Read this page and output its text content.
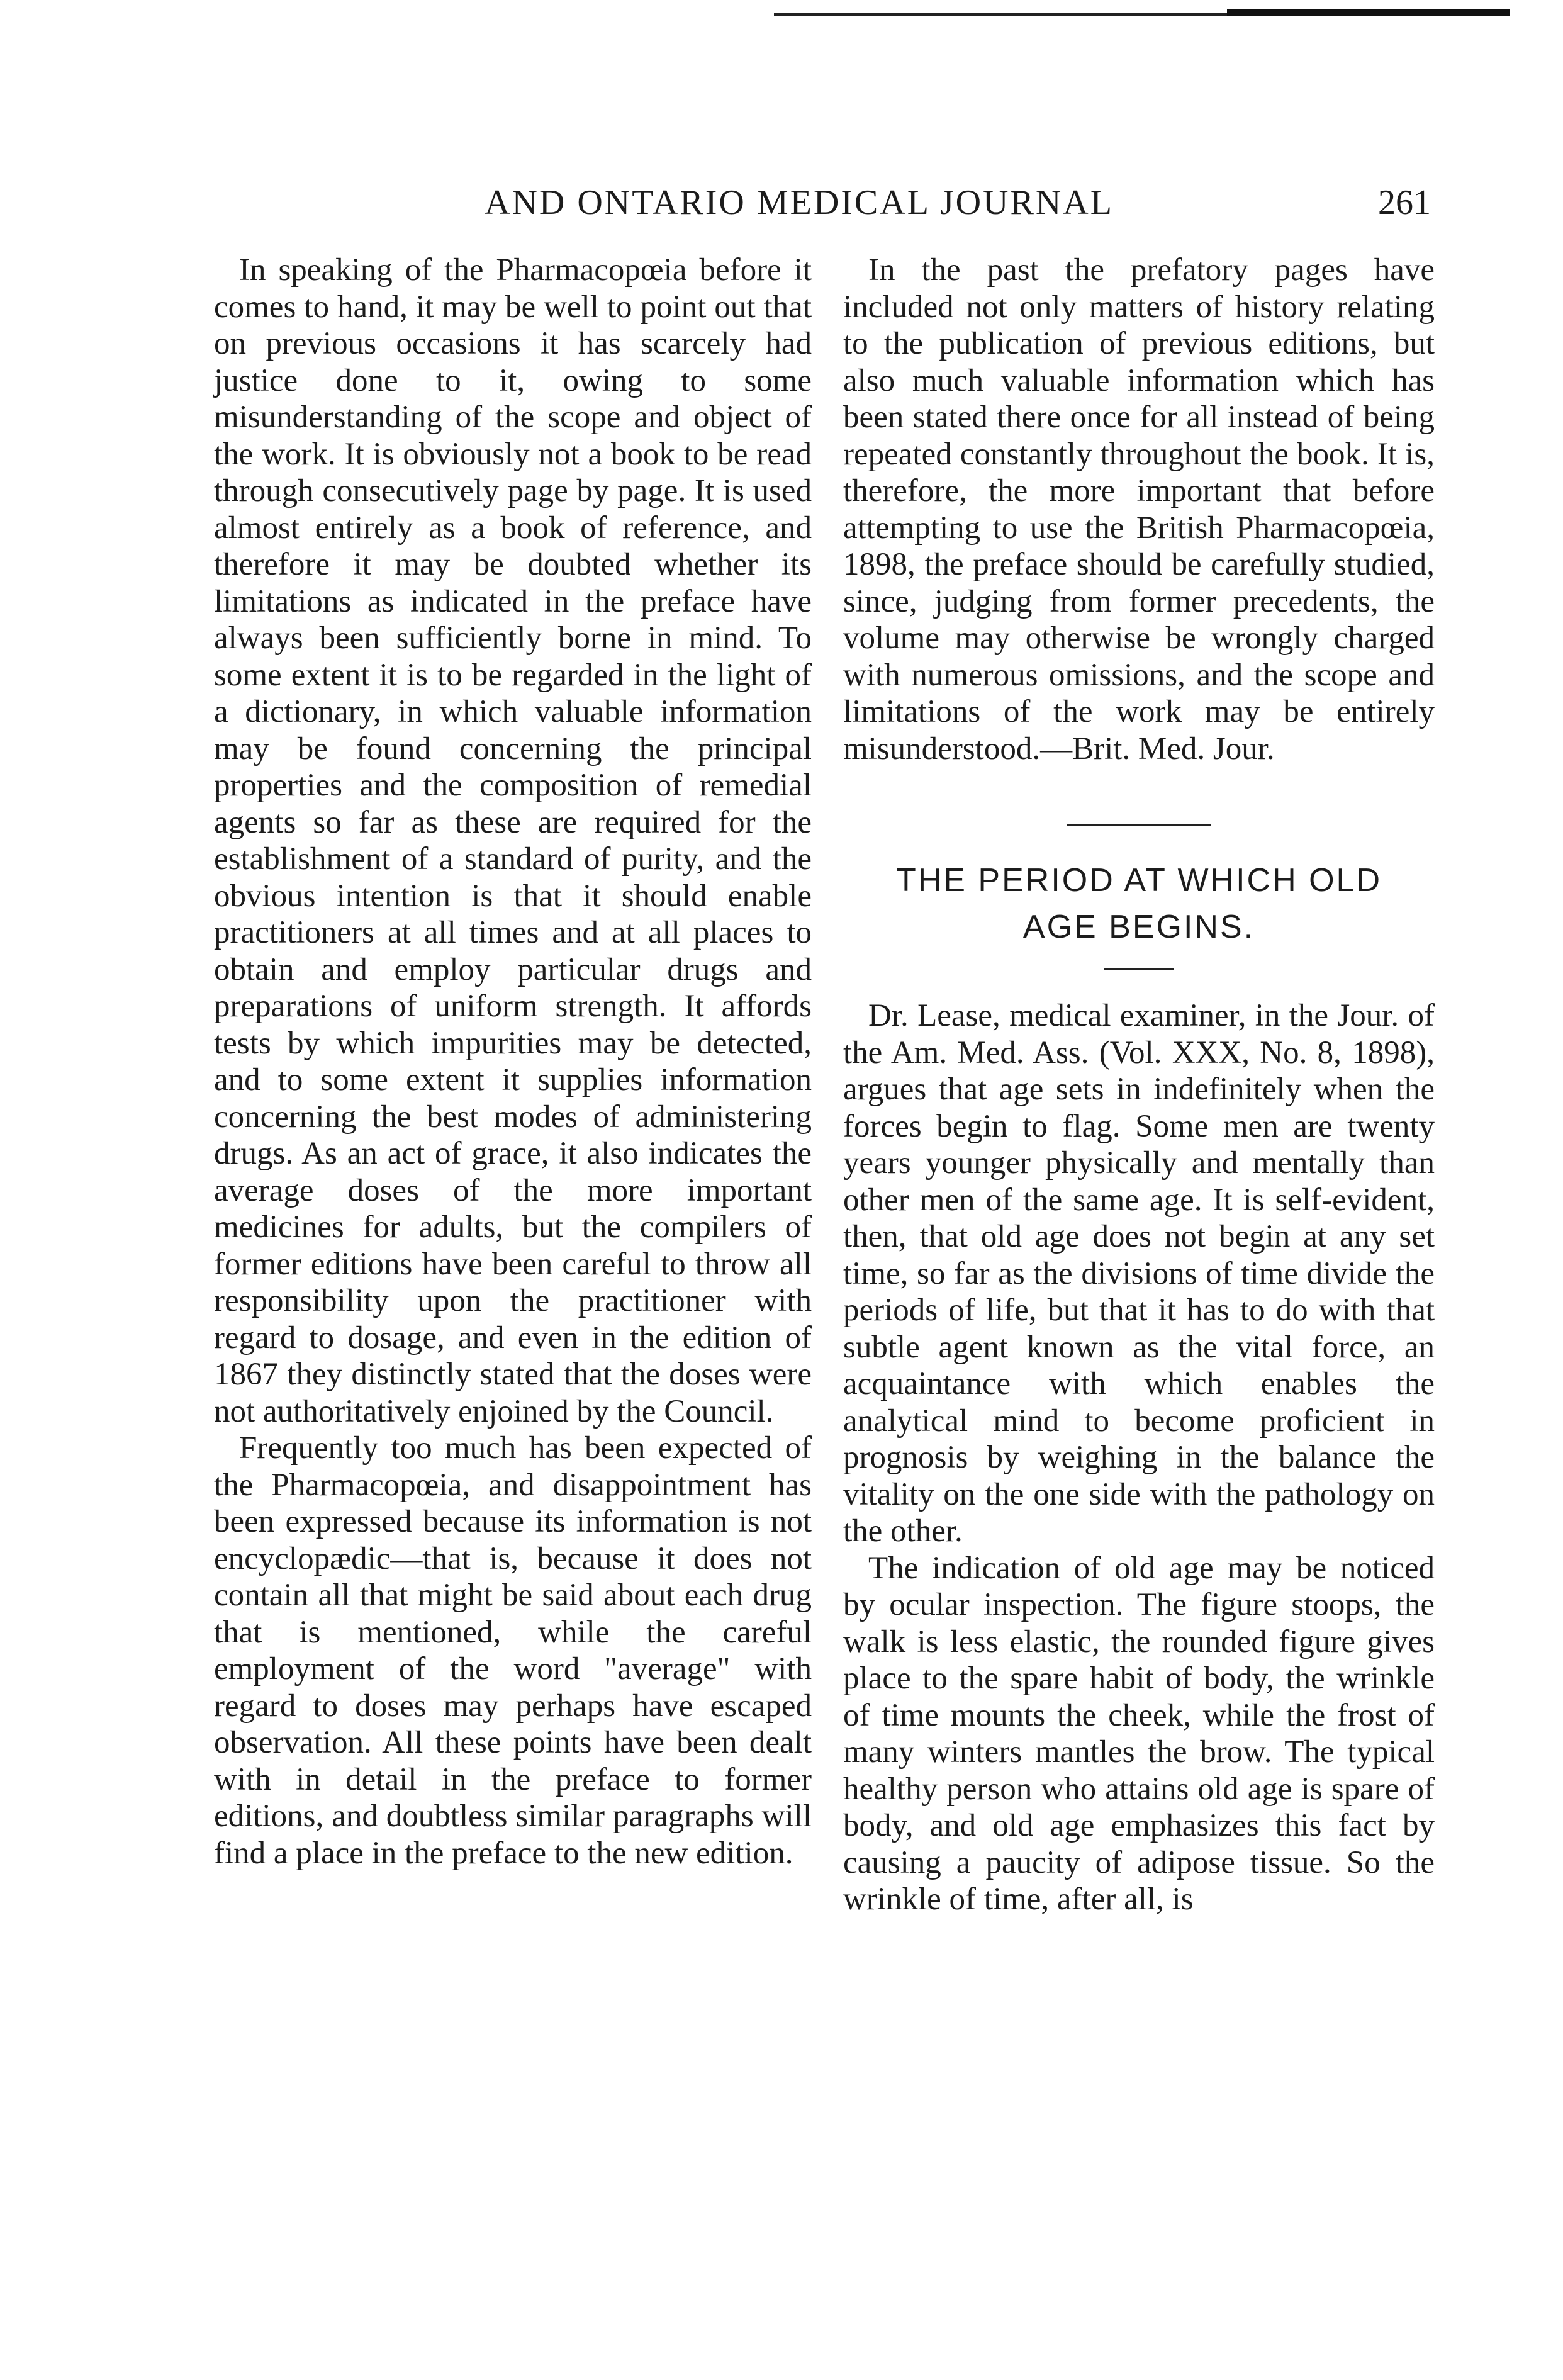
AND ONTARIO MEDICAL JOURNAL	261

In speaking of the Pharmacopœia before it comes to hand, it may be well to point out that on previous occasions it has scarcely had justice done to it, owing to some misunderstanding of the scope and object of the work. It is obviously not a book to be read through consecutively page by page. It is used almost entirely as a book of reference, and therefore it may be doubted whether its limitations as indicated in the preface have always been sufficiently borne in mind. To some extent it is to be regarded in the light of a dictionary, in which valuable information may be found concerning the principal properties and the composition of remedial agents so far as these are required for the establishment of a standard of purity, and the obvious intention is that it should enable practitioners at all times and at all places to obtain and employ particular drugs and preparations of uniform strength. It affords tests by which impurities may be detected, and to some extent it supplies information concerning the best modes of administering drugs. As an act of grace, it also indicates the average doses of the more important medicines for adults, but the compilers of former editions have been careful to throw all responsibility upon the practitioner with regard to dosage, and even in the edition of 1867 they distinctly stated that the doses were not authoritatively enjoined by the Council.

Frequently too much has been expected of the Pharmacopœia, and disappointment has been expressed because its information is not encyclopædic—that is, because it does not contain all that might be said about each drug that is mentioned, while the careful employment of the word "average" with regard to doses may perhaps have escaped observation. All these points have been dealt with in detail in the preface to former editions, and doubtless similar paragraphs will find a place in the preface to the new edition.

In the past the prefatory pages have included not only matters of history relating to the publication of previous editions, but also much valuable information which has been stated there once for all instead of being repeated constantly throughout the book. It is, therefore, the more important that before attempting to use the British Pharmacopœia, 1898, the preface should be carefully studied, since, judging from former precedents, the volume may otherwise be wrongly charged with numerous omissions, and the scope and limitations of the work may be entirely misunderstood.—Brit. Med. Jour.

THE PERIOD AT WHICH OLD

AGE BEGINS.

Dr. Lease, medical examiner, in the Jour. of the Am. Med. Ass. (Vol. XXX, No. 8, 1898), argues that age sets in indefinitely when the forces begin to flag. Some men are twenty years younger physically and mentally than other men of the same age. It is self-evident, then, that old age does not begin at any set time, so far as the divisions of time divide the periods of life, but that it has to do with that subtle agent known as the vital force, an acquaintance with which enables the analytical mind to become proficient in prognosis by weighing in the balance the vitality on the one side with the pathology on the other.

The indication of old age may be noticed by ocular inspection. The figure stoops, the walk is less elastic, the rounded figure gives place to the spare habit of body, the wrinkle of time mounts the cheek, while the frost of many winters mantles the brow. The typical healthy person who attains old age is spare of body, and old age emphasizes this fact by causing a paucity of adipose tissue. So the wrinkle of time, after all, is
